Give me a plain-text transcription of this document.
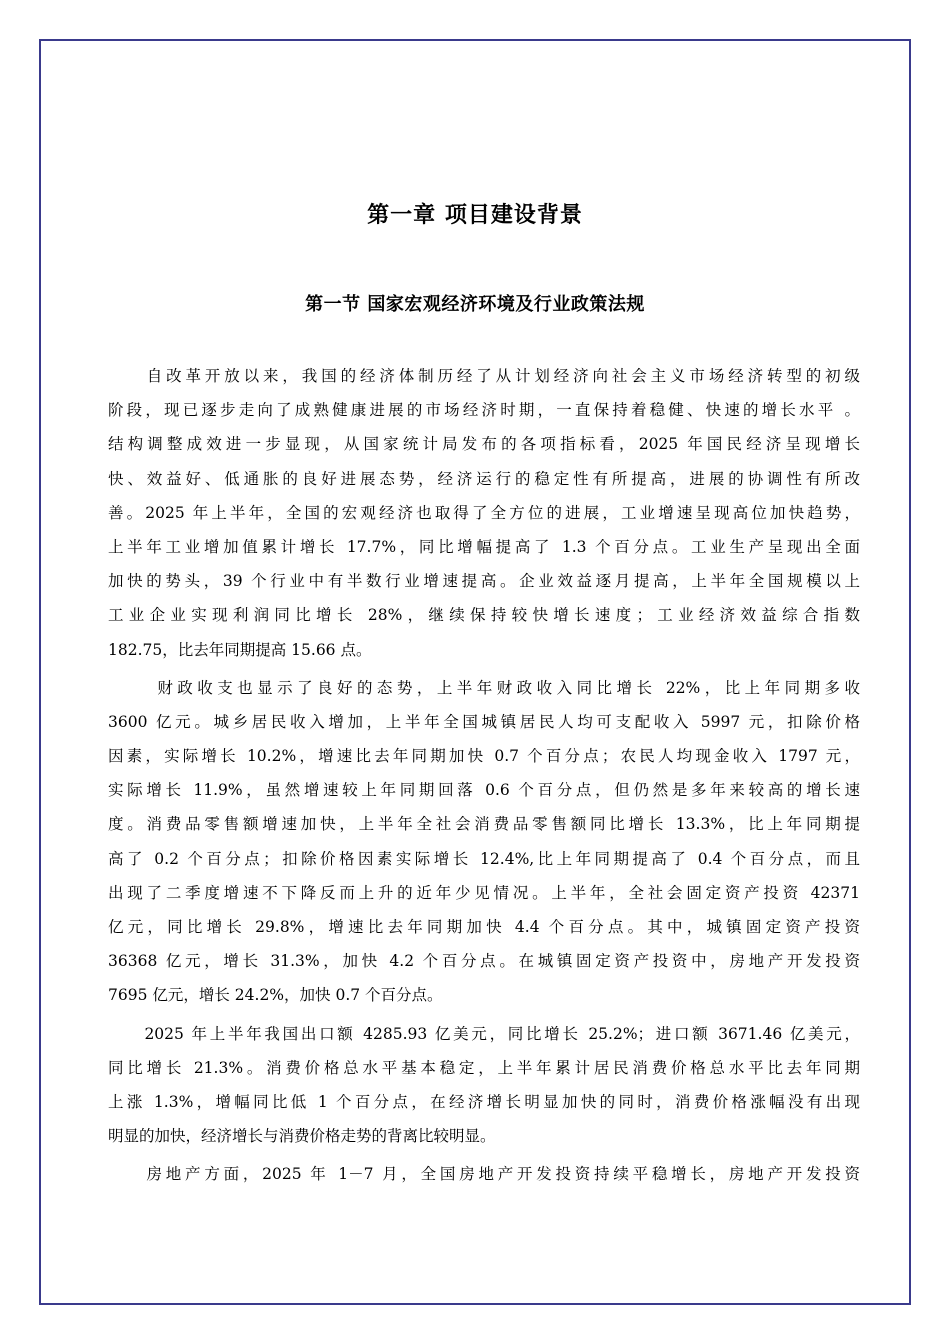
第一章 项目建设背景
第一节 国家宏观经济环境及行业政策法规
　　自改革开放以来，我国的经济体制历经了从计划经济向社会主义市场经济转型的初级
阶段，现已逐步走向了成熟健康进展的市场经济时期，一直保持着稳健、快速的增长水平 。
结构调整成效进一步显现，从国家统计局发布的各项指标看，2025 年国民经济呈现增长
快、效益好、低通胀的良好进展态势，经济运行的稳定性有所提高，进展的协调性有所改
善。2025 年上半年，全国的宏观经济也取得了全方位的进展，工业增速呈现高位加快趋势，
上半年工业增加值累计增长 17.7%，同比增幅提高了 1.3 个百分点。工业生产呈现出全面
加快的势头，39 个行业中有半数行业增速提高。企业效益逐月提高，上半年全国规模以上
工业企业实现利润同比增长 28%，继续保持较快增长速度；工业经济效益综合指数
182.75，比去年同期提高 15.66 点。
　　 财政收支也显示了良好的态势，上半年财政收入同比增长 22%，比上年同期多收
3600 亿元。城乡居民收入增加，上半年全国城镇居民人均可支配收入 5997 元，扣除价格
因素，实际增长 10.2%，增速比去年同期加快 0.7 个百分点；农民人均现金收入 1797 元，
实际增长 11.9%，虽然增速较上年同期回落 0.6 个百分点，但仍然是多年来较高的增长速
度。消费品零售额增速加快，上半年全社会消费品零售额同比增长 13.3%，比上年同期提
高了 0.2 个百分点；扣除价格因素实际增长 12.4%,比上年同期提高了 0.4 个百分点，而且
出现了二季度增速不下降反而上升的近年少见情况。上半年，全社会固定资产投资 42371
亿元，同比增长 29.8%，增速比去年同期加快 4.4 个百分点。其中，城镇固定资产投资
36368 亿元，增长 31.3%，加快 4.2 个百分点。在城镇固定资产投资中，房地产开发投资
7695 亿元，增长 24.2%，加快 0.7 个百分点。
　　2025 年上半年我国出口额 4285.93 亿美元，同比增长 25.2%；进口额 3671.46 亿美元，
同比增长 21.3%。消费价格总水平基本稳定，上半年累计居民消费价格总水平比去年同期
上涨 1.3%，增幅同比低 1 个百分点，在经济增长明显加快的同时，消费价格涨幅没有出现
明显的加快，经济增长与消费价格走势的背离比较明显。
　　房地产方面，2025 年 1－7 月，全国房地产开发投资持续平稳增长，房地产开发投资
